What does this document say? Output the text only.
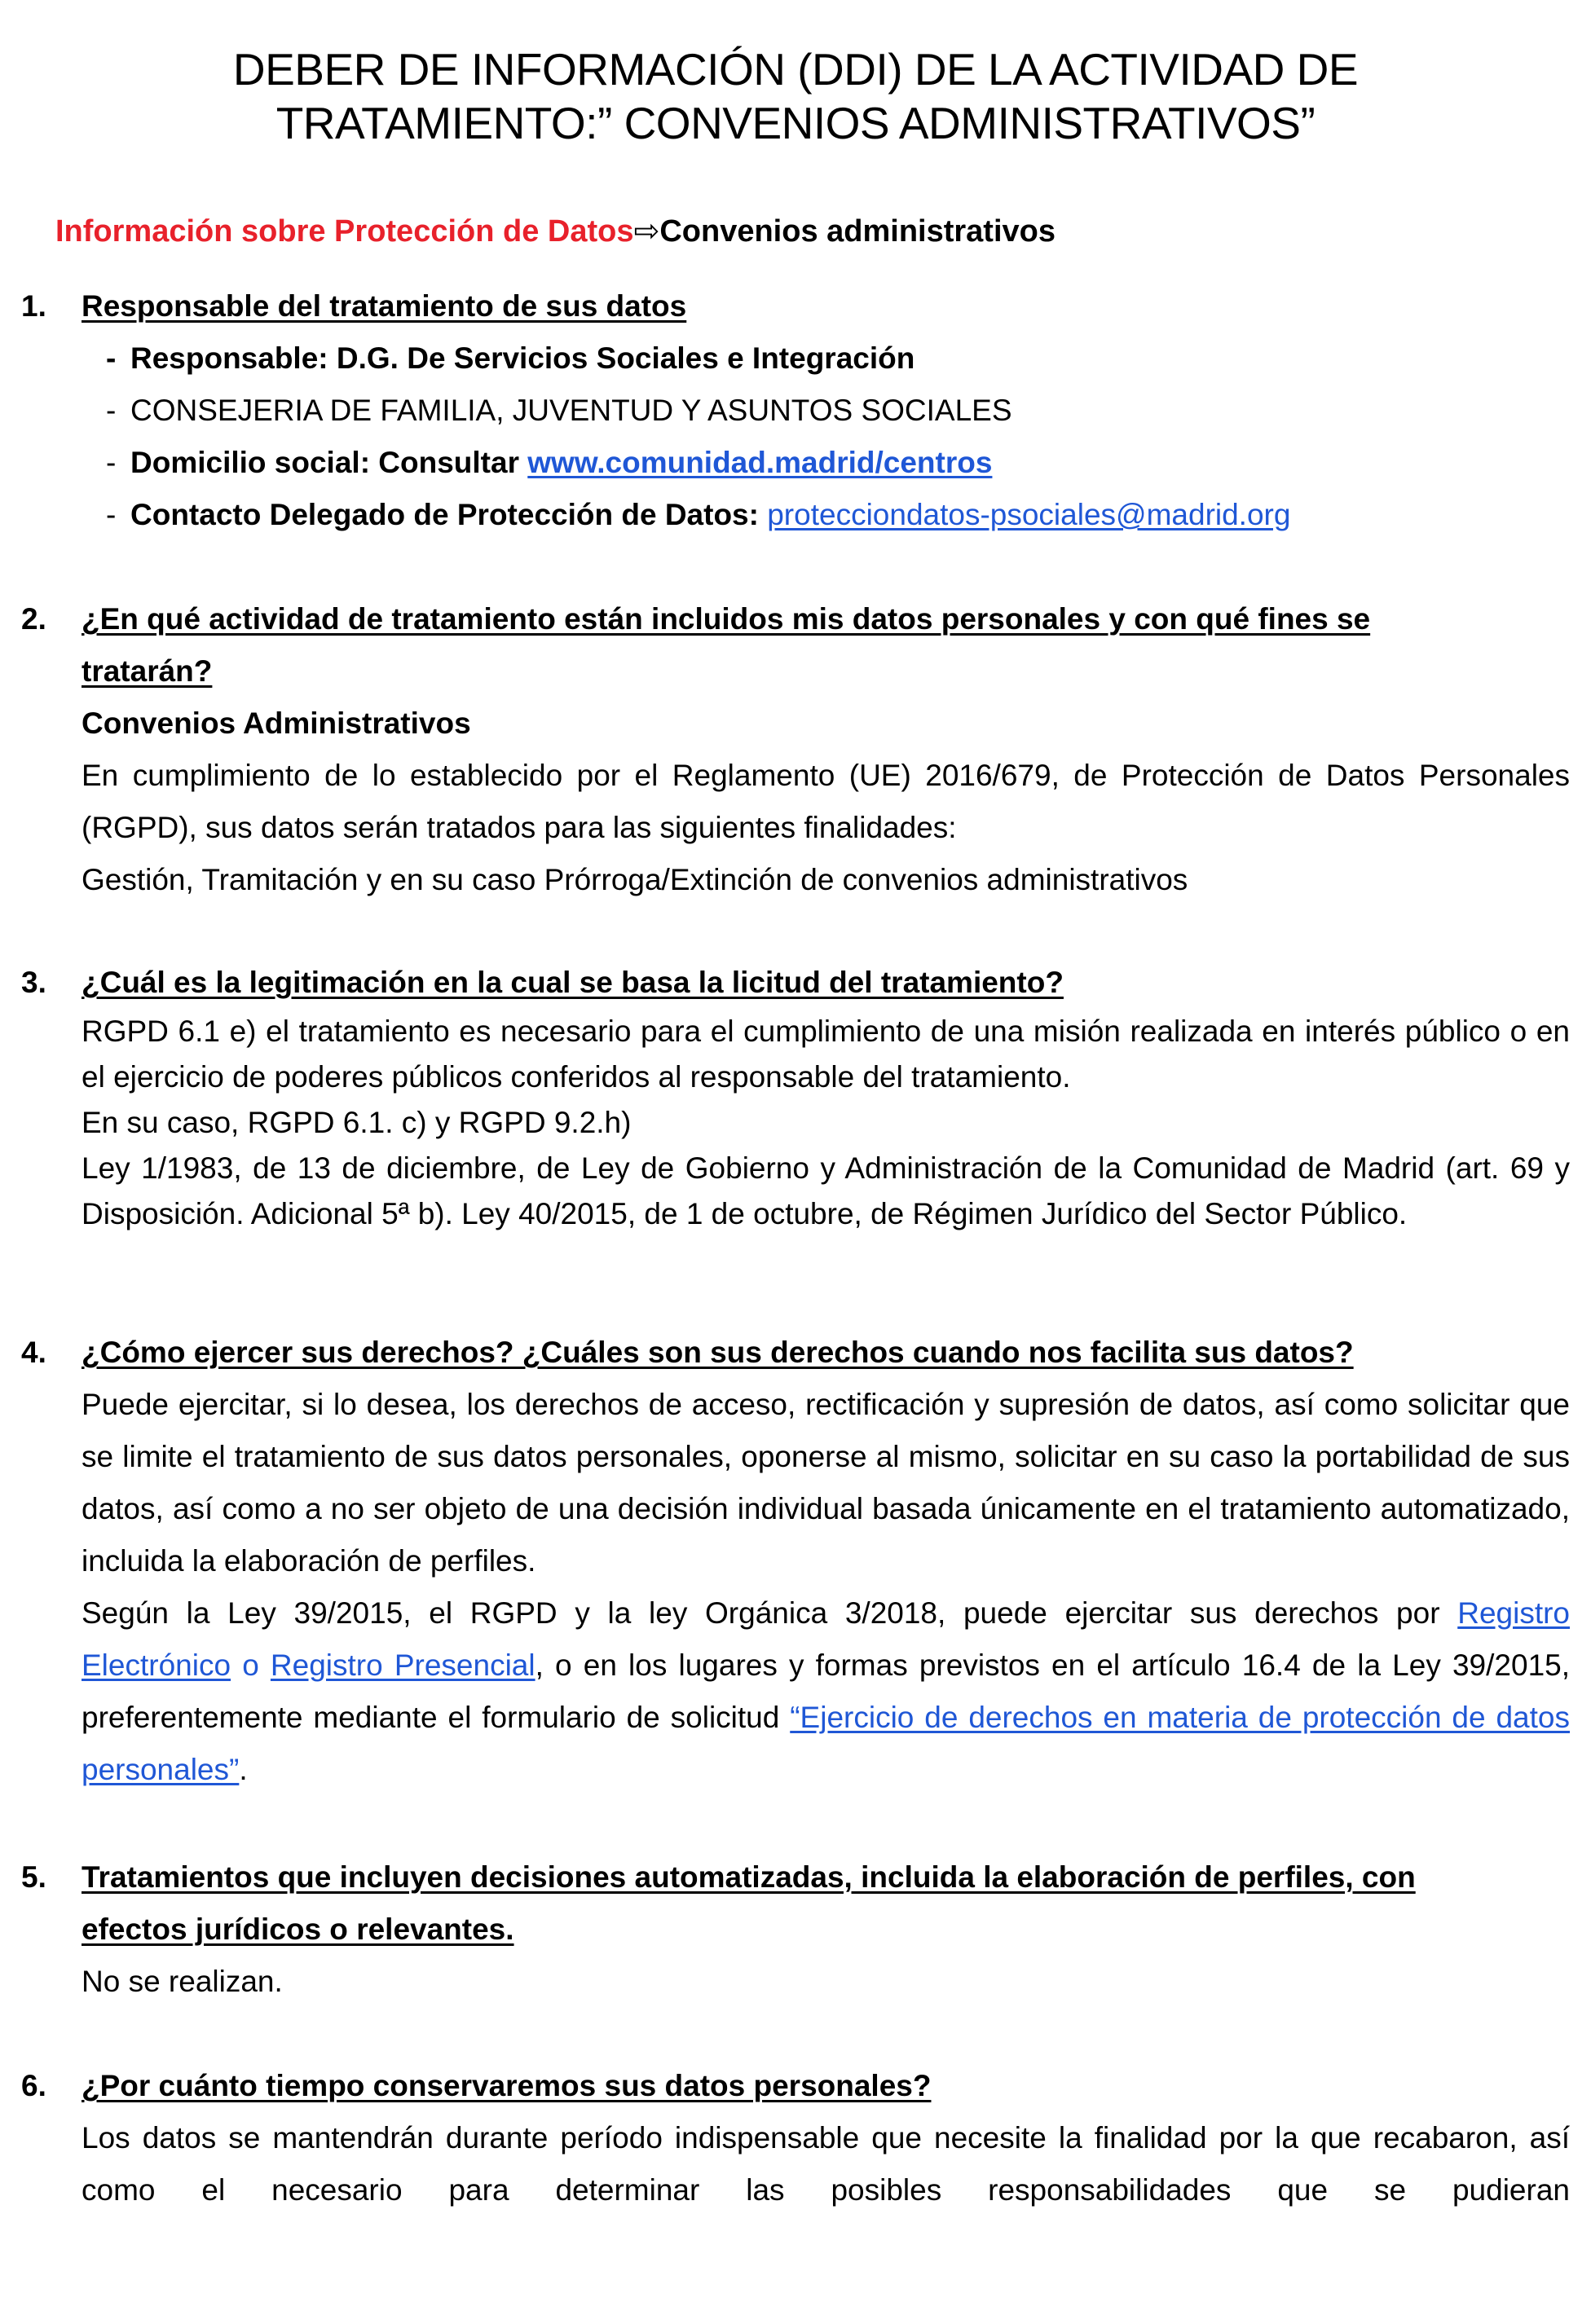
DEBER DE INFORMACIÓN (DDI) DE LA ACTIVIDAD DE
TRATAMIENTO:” CONVENIOS ADMINISTRATIVOS”
Información sobre Protección de Datos⇨Convenios administrativos
1. Responsable del tratamiento de sus datos
- Responsable: D.G. De Servicios Sociales e Integración
- CONSEJERIA DE FAMILIA, JUVENTUD Y ASUNTOS SOCIALES
- Domicilio social: Consultar www.comunidad.madrid/centros
- Contacto Delegado de Protección de Datos: protecciondatos-psociales@madrid.org
2. ¿En qué actividad de tratamiento están incluidos mis datos personales y con qué fines se
tratarán?
Convenios Administrativos
En cumplimiento de lo establecido por el Reglamento (UE) 2016/679, de Protección de Datos Personales (RGPD), sus datos serán tratados para las siguientes finalidades:
Gestión, Tramitación y en su caso Prórroga/Extinción de convenios administrativos
3. ¿Cuál es la legitimación en la cual se basa la licitud del tratamiento?
RGPD 6.1 e) el tratamiento es necesario para el cumplimiento de una misión realizada en interés público o en el ejercicio de poderes públicos conferidos al responsable del tratamiento.
En su caso, RGPD 6.1. c) y RGPD 9.2.h)
Ley 1/1983, de 13 de diciembre, de Ley de Gobierno y Administración de la Comunidad de Madrid (art. 69 y Disposición. Adicional 5ª b). Ley 40/2015, de 1 de octubre, de Régimen Jurídico del Sector Público.
4. ¿Cómo ejercer sus derechos? ¿Cuáles son sus derechos cuando nos facilita sus datos?
Puede ejercitar, si lo desea, los derechos de acceso, rectificación y supresión de datos, así como solicitar que se limite el tratamiento de sus datos personales, oponerse al mismo, solicitar en su caso la portabilidad de sus datos, así como a no ser objeto de una decisión individual basada únicamente en el tratamiento automatizado, incluida la elaboración de perfiles.
Según la Ley 39/2015, el RGPD y la ley Orgánica 3/2018, puede ejercitar sus derechos por Registro Electrónico o Registro Presencial, o en los lugares y formas previstos en el artículo 16.4 de la Ley 39/2015, preferentemente mediante el formulario de solicitud “Ejercicio de derechos en materia de protección de datos personales”.
5. Tratamientos que incluyen decisiones automatizadas, incluida la elaboración de perfiles, con
efectos jurídicos o relevantes.
No se realizan.
6. ¿Por cuánto tiempo conservaremos sus datos personales?
Los datos se mantendrán durante período indispensable que necesite la finalidad por la que recabaron, así como el necesario para determinar las posibles responsabilidades que se pudieran
